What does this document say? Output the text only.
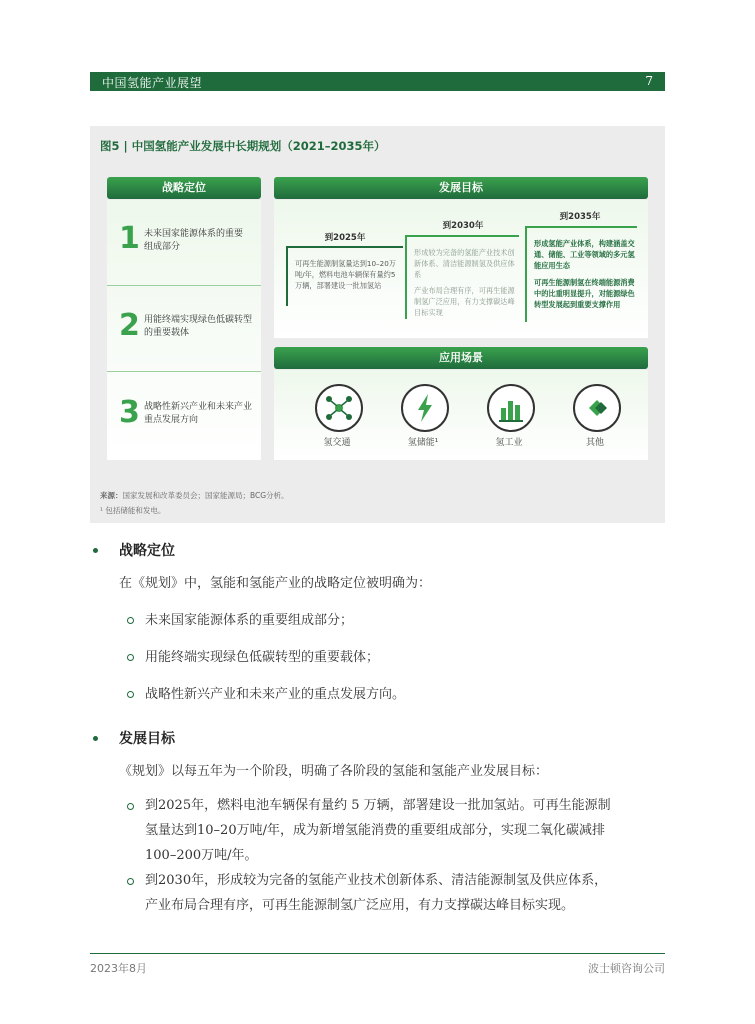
中国氢能产业展望	7
图5 | 中国氢能产业发展中长期规划（2021–2035年）
战略定位
1 未来国家能源体系的重要组成部分
2 用能终端实现绿色低碳转型的重要载体
3 战略性新兴产业和未来产业重点发展方向
发展目标
到2025年
可再生能源制氢量达到10–20万吨/年，燃料电池车辆保有量约5万辆，部署建设一批加氢站
到2030年
形成较为完备的氢能产业技术创新体系、清洁能源制氢及供应体系
产业布局合理有序，可再生能源制氢广泛应用，有力支撑碳达峰目标实现
到2035年
形成氢能产业体系，构建涵盖交通、储能、工业等领域的多元氢能应用生态
可再生能源制氢在终端能源消费中的比重明显提升，对能源绿色转型发展起到重要支撑作用
应用场景
氢交通	氢储能¹	氢工业	其他
来源：国家发展和改革委员会；国家能源局；BCG分析。
¹ 包括储能和发电。
战略定位
在《规划》中，氢能和氢能产业的战略定位被明确为：
未来国家能源体系的重要组成部分；
用能终端实现绿色低碳转型的重要载体；
战略性新兴产业和未来产业的重点发展方向。
发展目标
《规划》以每五年为一个阶段，明确了各阶段的氢能和氢能产业发展目标：
到2025年，燃料电池车辆保有量约 5 万辆，部署建设一批加氢站。可再生能源制
氢量达到10–20万吨/年，成为新增氢能消费的重要组成部分，实现二氧化碳减排
100–200万吨/年。
到2030年，形成较为完备的氢能产业技术创新体系、清洁能源制氢及供应体系，
产业布局合理有序，可再生能源制氢广泛应用，有力支撑碳达峰目标实现。
2023年8月	波士顿咨询公司
